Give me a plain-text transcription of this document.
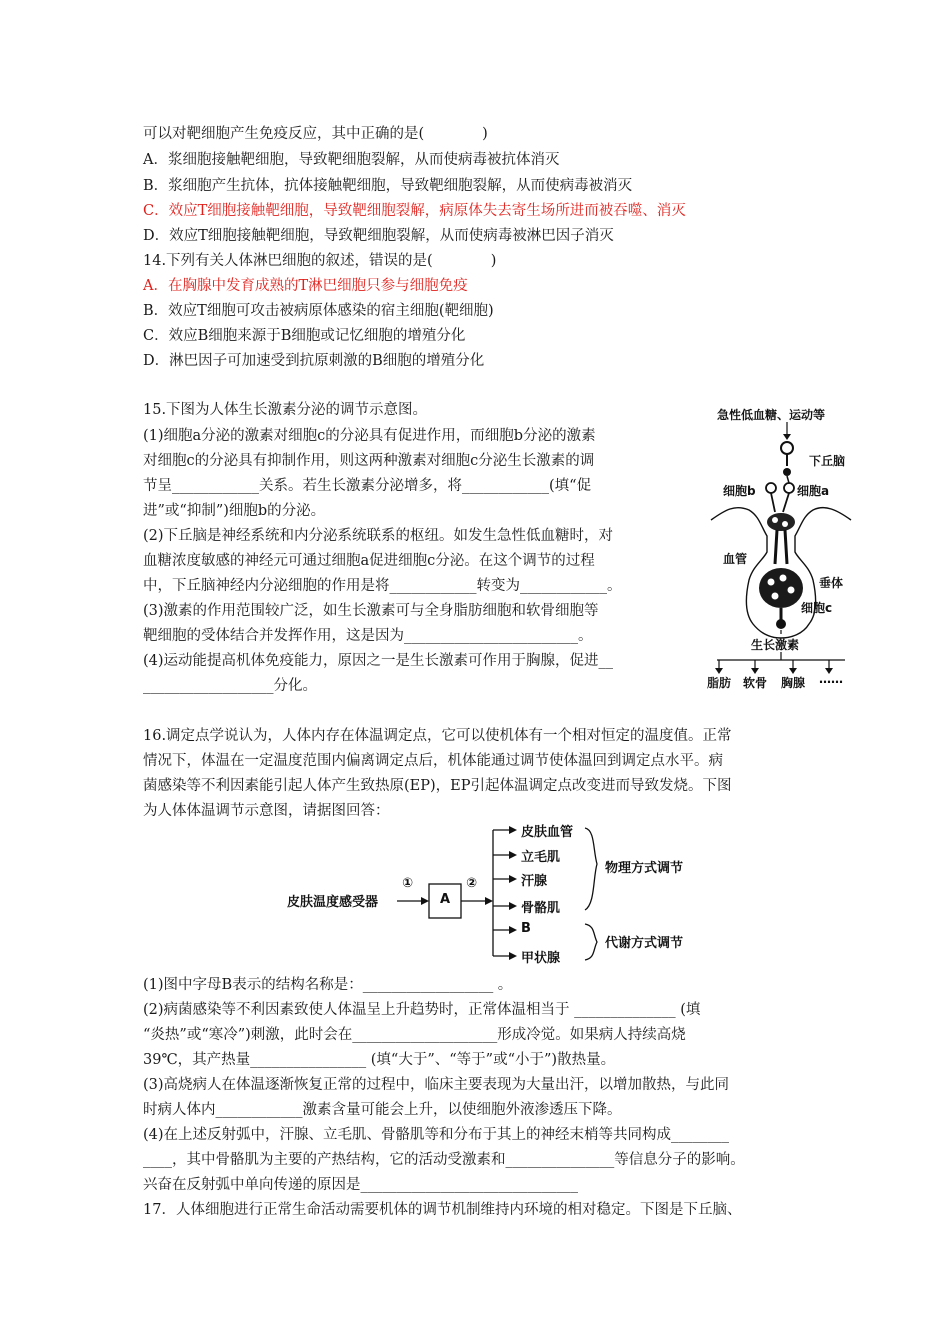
可以对靶细胞产生免疫反应，其中正确的是(　　　　)
A．浆细胞接触靶细胞，导致靶细胞裂解，从而使病毒被抗体消灭
B．浆细胞产生抗体，抗体接触靶细胞，导致靶细胞裂解，从而使病毒被消灭
C．效应T细胞接触靶细胞，导致靶细胞裂解，病原体失去寄生场所进而被吞噬、消灭
D．效应T细胞接触靶细胞，导致靶细胞裂解，从而使病毒被淋巴因子消灭
14.下列有关人体淋巴细胞的叙述，错误的是(　　　　)
A．在胸腺中发育成熟的T淋巴细胞只参与细胞免疫
B．效应T细胞可攻击被病原体感染的宿主细胞(靶细胞)
C．效应B细胞来源于B细胞或记忆细胞的增殖分化
D．淋巴因子可加速受到抗原刺激的B细胞的增殖分化
15.下图为人体生长激素分泌的调节示意图。
(1)细胞a分泌的激素对细胞c的分泌具有促进作用，而细胞b分泌的激素
对细胞c的分泌具有抑制作用，则这两种激素对细胞c分泌生长激素的调
节呈____________关系。若生长激素分泌增多，将____________(填“促
进”或“抑制”)细胞b的分泌。
(2)下丘脑是神经系统和内分泌系统联系的枢纽。如发生急性低血糖时，对
血糖浓度敏感的神经元可通过细胞a促进细胞c分泌。在这个调节的过程
中，下丘脑神经内分泌细胞的作用是将____________转变为____________。
(3)激素的作用范围较广泛，如生长激素可与全身脂肪细胞和软骨细胞等
靶细胞的受体结合并发挥作用，这是因为________________________。
(4)运动能提高机体免疫能力，原因之一是生长激素可作用于胸腺，促进__
__________________分化。
急性低血糖、运动等
下丘脑
细胞b	细胞a
血管
垂体
细胞c
生长激素
脂肪 软骨 胸腺 ……
16.调定点学说认为，人体内存在体温调定点，它可以使机体有一个相对恒定的温度值。正常
情况下，体温在一定温度范围内偏离调定点后，机体能通过调节使体温回到调定点水平。病
菌感染等不利因素能引起人体产生致热原(EP)，EP引起体温调定点改变进而导致发烧。下图
为人体体温调节示意图，请据图回答：
皮肤温度感受器
①
A
②
皮肤血管
立毛肌
汗腺
骨骼肌
B
甲状腺
物理方式调节
代谢方式调节
(1)图中字母B表示的结构名称是：__________________ 。
(2)病菌感染等不利因素致使人体温呈上升趋势时，正常体温相当于 ______________ (填
“炎热”或“寒冷”)刺激，此时会在____________________形成冷觉。如果病人持续高烧
39℃，其产热量________________ (填“大于”、“等于”或“小于”)散热量。
(3)高烧病人在体温逐渐恢复正常的过程中，临床主要表现为大量出汗，以增加散热，与此同
时病人体内____________激素含量可能会上升，以使细胞外液渗透压下降。
(4)在上述反射弧中，汗腺、立毛肌、骨骼肌等和分布于其上的神经末梢等共同构成________
____，其中骨骼肌为主要的产热结构，它的活动受激素和_______________等信息分子的影响。
兴奋在反射弧中单向传递的原因是______________________________
17．人体细胞进行正常生命活动需要机体的调节机制维持内环境的相对稳定。下图是下丘脑、
